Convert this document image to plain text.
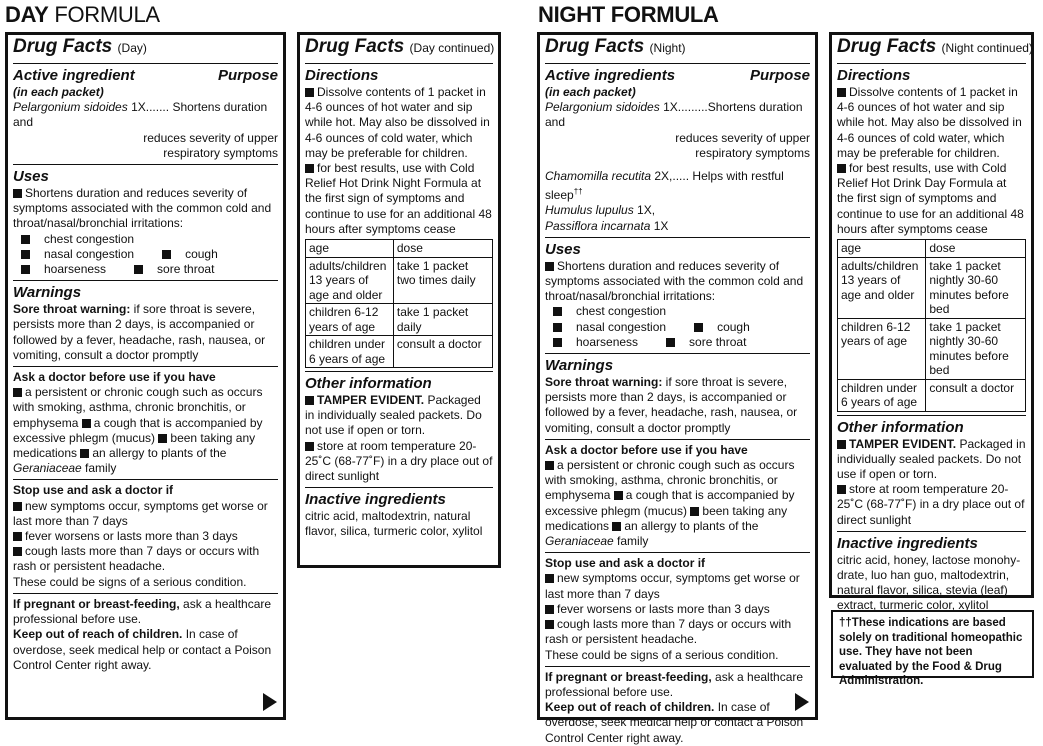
DAY FORMULA
Drug Facts (Day)
Active ingredient	Purpose
(in each packet)
Pelargonium sidoides 1X....... Shortens duration and
reduces severity of upper
respiratory symptoms
Uses
Shortens duration and reduces severity of symptoms associated with the common cold and throat/nasal/bronchial irritations:
chest congestion
nasal congestion	cough
hoarseness	sore throat
Warnings
Sore throat warning: if sore throat is severe, persists more than 2 days, is accompanied or followed by a fever, headache, rash, nausea, or vomiting, consult a doctor promptly
Ask a doctor before use if you have
a persistent or chronic cough such as occurs with smoking, asthma, chronic bronchitis, or emphysema a cough that is accompanied by excessive phlegm (mucus) been taking any medications an allergy to plants of the Geraniaceae family
Stop use and ask a doctor if
new symptoms occur, symptoms get worse or last more than 7 days
fever worsens or lasts more than 3 days
cough lasts more than 7 days or occurs with rash or persistent headache.
These could be signs of a serious condition.
If pregnant or breast-feeding, ask a healthcare professional before use.
Keep out of reach of children. In case of overdose, seek medical help or contact a Poison Control Center right away.
Drug Facts (Day continued)
Directions
Dissolve contents of 1 packet in 4-6 ounces of hot water and sip while hot. May also be dissolved in 4-6 ounces of cold water, which may be preferable for children.
for best results, use with Cold Relief Hot Drink Night Formula at the first sign of symptoms and continue to use for an additional 48 hours after symptoms cease
age	dose
adults/children 13 years of age and older	take 1 packet two times daily
children 6-12 years of age	take 1 packet daily
children under 6 years of age	consult a doctor
Other information
TAMPER EVIDENT. Packaged in individually sealed packets. Do not use if open or torn.
store at room temperature 20-25˚C (68-77˚F) in a dry place out of direct sunlight
Inactive ingredients
citric acid, maltodextrin, natural flavor, silica, turmeric color, xylitol
NIGHT FORMULA
Drug Facts (Night)
Active ingredients	Purpose
(in each packet)
Pelargonium sidoides 1X.........Shortens duration and
reduces severity of upper
respiratory symptoms
Chamomilla recutita 2X,..... Helps with restful sleep††
Humulus lupulus 1X,
Passiflora incarnata 1X
Uses
Shortens duration and reduces severity of symptoms associated with the common cold and throat/nasal/bronchial irritations:
chest congestion
nasal congestion	cough
hoarseness	sore throat
Warnings
Sore throat warning: if sore throat is severe, persists more than 2 days, is accompanied or followed by a fever, headache, rash, nausea, or vomiting, consult a doctor promptly
Ask a doctor before use if you have
a persistent or chronic cough such as occurs with smoking, asthma, chronic bronchitis, or emphysema a cough that is accompanied by excessive phlegm (mucus) been taking any medications an allergy to plants of the Geraniaceae family
Stop use and ask a doctor if
new symptoms occur, symptoms get worse or last more than 7 days
fever worsens or lasts more than 3 days
cough lasts more than 7 days or occurs with rash or persistent headache.
These could be signs of a serious condition.
If pregnant or breast-feeding, ask a healthcare professional before use.
Keep out of reach of children. In case of overdose, seek medical help or contact a Poison Control Center right away.
Drug Facts (Night continued)
Directions
Dissolve contents of 1 packet in 4-6 ounces of hot water and sip while hot. May also be dissolved in 4-6 ounces of cold water, which may be preferable for children.
for best results, use with Cold Relief Hot Drink Day Formula at the first sign of symptoms and continue to use for an additional 48 hours after symptoms cease
age	dose
adults/children 13 years of age and older	take 1 packet nightly 30-60 minutes before bed
children 6-12 years of age	take 1 packet nightly 30-60 minutes before bed
children under 6 years of age	consult a doctor
Other information
TAMPER EVIDENT. Packaged in individually sealed packets. Do not use if open or torn.
store at room temperature 20-25˚C (68-77˚F) in a dry place out of direct sunlight
Inactive ingredients
citric acid, honey, lactose monohy-drate, luo han guo, maltodextrin, natural flavor, silica, stevia (leaf) extract, turmeric color, xylitol
††These indications are based solely on traditional homeopathic use. They have not been evaluated by the Food & Drug Administration.
